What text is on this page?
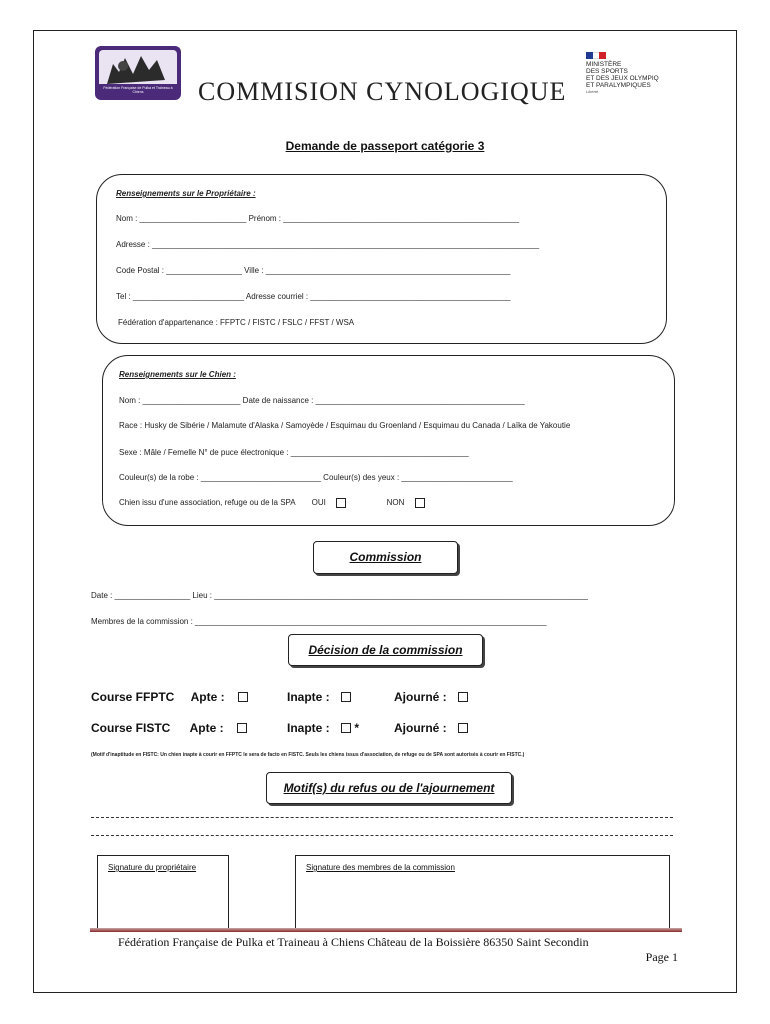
Fédération Française de Pulka et Traîneau à Chiens	COMMISION CYNOLOGIQUE
MINISTÈRE
DES SPORTS
ET DES JEUX OLYMPIQ
ET PARALYMPIQUES
Liberté
Demande de passeport catégorie 3
Renseignements sur le Propriétaire :
Nom : ________________________ Prénom : _____________________________________________________
Adresse : _______________________________________________________________________________________
Code Postal : _________________ Ville : _______________________________________________________
Tel : _________________________ Adresse courriel : _____________________________________________
Fédération d'appartenance : FFPTC / FISTC / FSLC / FFST / WSA
Renseignements sur le Chien :
Nom : ______________________ Date de naissance : _______________________________________________
Race : Husky de Sibérie / Malamute d'Alaska / Samoyède / Esquimau du Groenland / Esquimau du Canada / Laïka de Yakoutie
Sexe : Mâle / Femelle N° de puce électronique : ________________________________________
Couleur(s) de la robe : ___________________________ Couleur(s) des yeux : _________________________
Chien issu d'une association, refuge ou de la SPA OUI	NON
Commission
Date : _________________ Lieu : ____________________________________________________________________________________
Membres de la commission : _______________________________________________________________________________
Décision de la commission
Course FFPTC Apte :	Inapte :	Ajourné :
Course FISTC Apte :	Inapte : *	Ajourné :
(Motif d'inaptitude en FISTC: Un chien inapte à courir en FFPTC le sera de facto en FISTC. Seuls les chiens issus d'association, de refuge ou de SPA sont autorisés à courir en FISTC.)
Motif(s) du refus ou de l'ajournement
Signature du propriétaire	Signature des membres de la commission
Fédération Française de Pulka et Traineau à Chiens Château de la Boissière 86350 Saint Secondin
Page 1
